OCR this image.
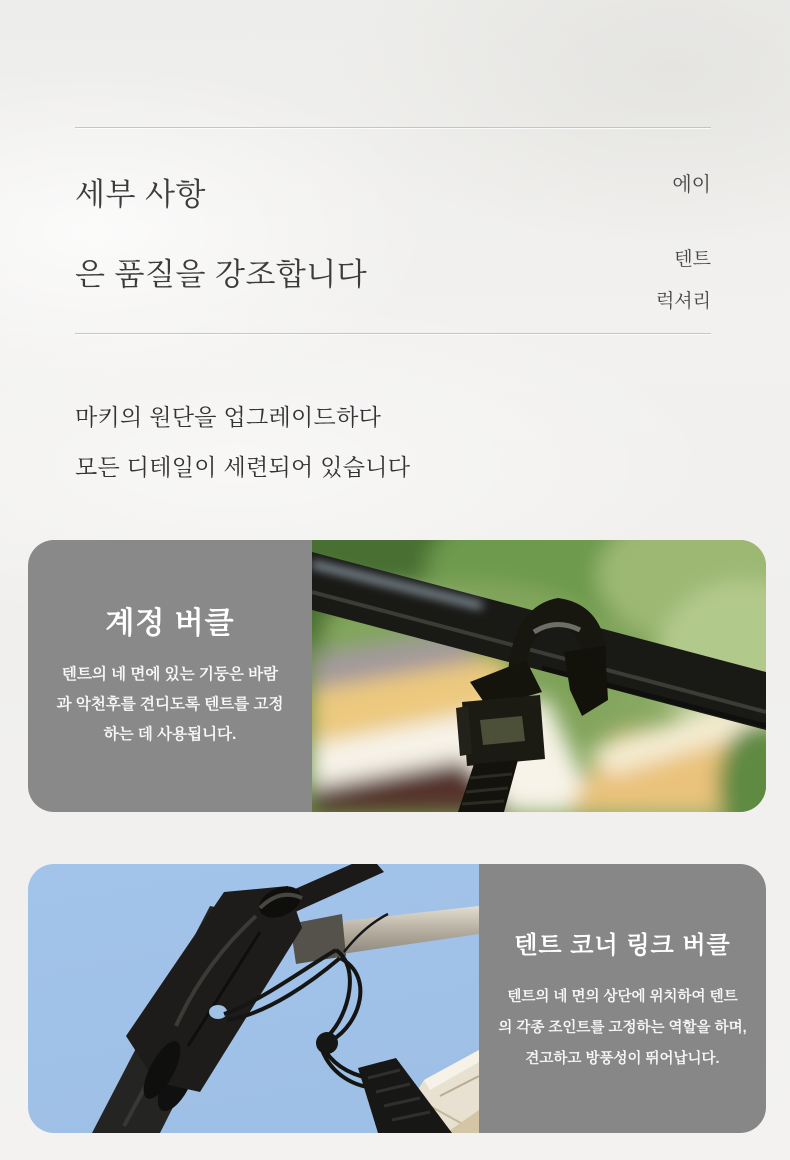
세부 사항
은 품질을 강조합니다
에이
텐트
럭셔리
마키의 원단을 업그레이드하다
모든 디테일이 세련되어 있습니다
계정 버클
텐트의 네 면에 있는 기둥은 바람
과 악천후를 견디도록 텐트를 고정
하는 데 사용됩니다.
텐트 코너 링크 버클
텐트의 네 면의 상단에 위치하여 텐트
의 각종 조인트를 고정하는 역할을 하며,
견고하고 방풍성이 뛰어납니다.
